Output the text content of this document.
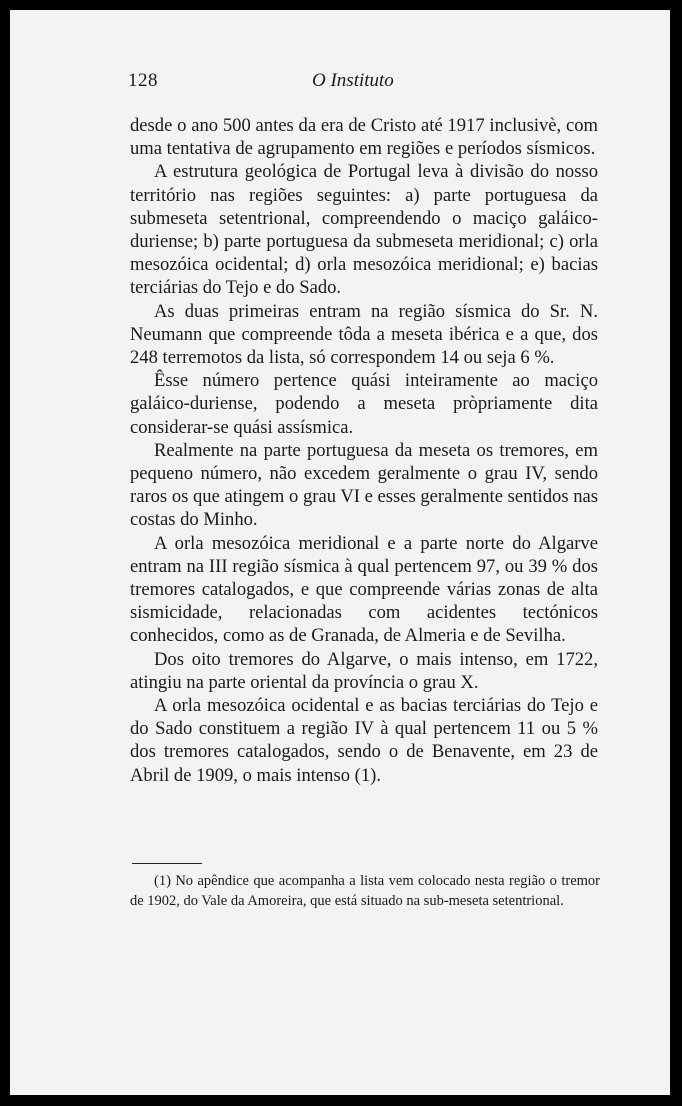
128	O Instituto

desde o ano 500 antes da era de Cristo até 1917 inclusivè, com uma tentativa de agrupamento em regiões e períodos sísmicos.

A estrutura geológica de Portugal leva à divisão do nosso território nas regiões seguintes: a) parte portuguesa da submeseta setentrional, compreendendo o maciço galáico-duriense; b) parte portuguesa da submeseta meridional; c) orla mesozóica ocidental; d) orla mesozóica meridional; e) bacias terciárias do Tejo e do Sado.

As duas primeiras entram na região sísmica do Sr. N. Neumann que compreende tôda a meseta ibérica e a que, dos 248 terremotos da lista, só correspondem 14 ou seja 6 %.

Êsse número pertence quási inteiramente ao maciço galáico-duriense, podendo a meseta pròpriamente dita considerar-se quási assísmica.

Realmente na parte portuguesa da meseta os tremores, em pequeno número, não excedem geralmente o grau IV, sendo raros os que atingem o grau VI e esses geralmente sentidos nas costas do Minho.

A orla mesozóica meridional e a parte norte do Algarve entram na III região sísmica à qual pertencem 97, ou 39 % dos tremores catalogados, e que compreende várias zonas de alta sismicidade, relacionadas com acidentes tectónicos conhecidos, como as de Granada, de Almeria e de Sevilha.

Dos oito tremores do Algarve, o mais intenso, em 1722, atingiu na parte oriental da província o grau X.

A orla mesozóica ocidental e as bacias terciárias do Tejo e do Sado constituem a região IV à qual pertencem 11 ou 5 % dos tremores catalogados, sendo o de Benavente, em 23 de Abril de 1909, o mais intenso (1).

(1) No apêndice que acompanha a lista vem colocado nesta região o tremor de 1902, do Vale da Amoreira, que está situado na sub-meseta setentrional.
